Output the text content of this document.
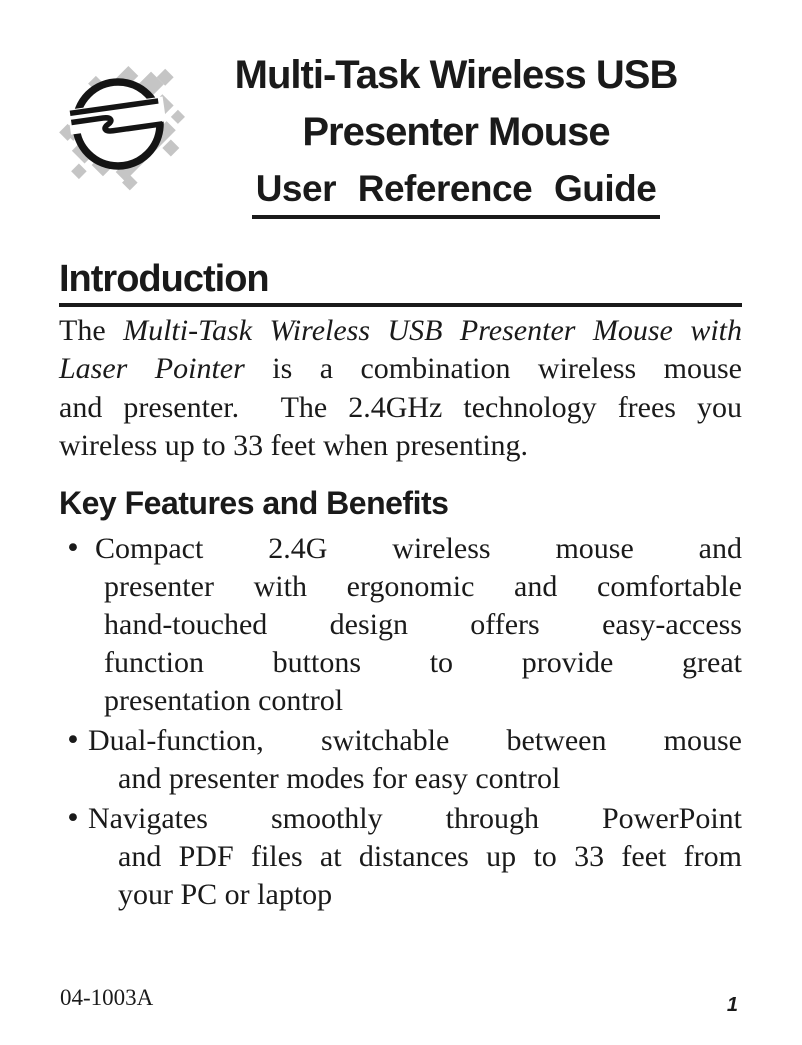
Multi-Task Wireless USB
Presenter Mouse
User Reference Guide
Introduction
The Multi-Task Wireless USB Presenter Mouse with
Laser Pointer is a combination wireless mouse
and presenter.  The 2.4GHz technology frees you
wireless up to 33 feet when presenting.
Key Features and Benefits
• Compact 2.4G wireless mouse and
presenter with ergonomic and comfortable
hand-touched design offers easy-access
function buttons to provide great
presentation control
• Dual-function, switchable between mouse
and presenter modes for easy control
• Navigates smoothly through PowerPoint
and PDF files at distances up to 33 feet from
your PC or laptop
04-1003A	1
